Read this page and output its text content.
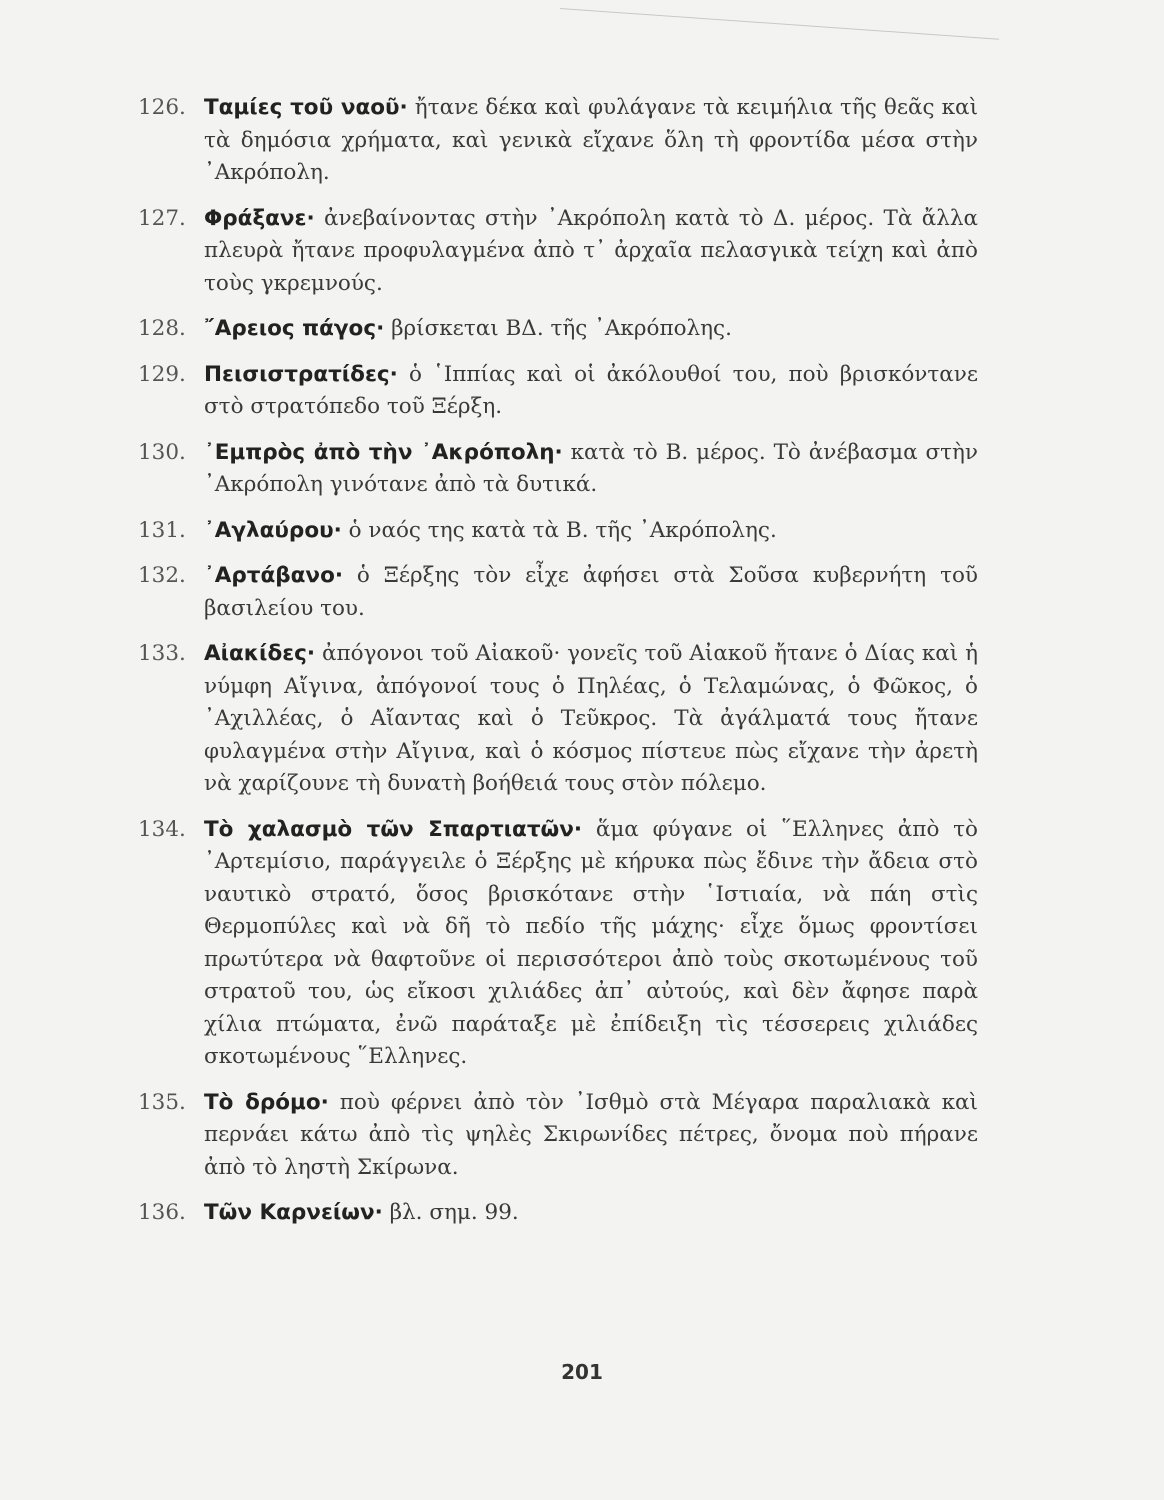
126. Ταμίες τοῦ ναοῦ· ἤτανε δέκα καὶ φυλάγανε τὰ κειμήλια τῆς θεᾶς καὶ τὰ δημόσια χρήματα, καὶ γενικὰ εἴχανε ὅλη τὴ φροντίδα μέσα στὴν ᾿Ακρόπολη.

127. Φράξανε· ἀνεβαίνοντας στὴν ᾿Ακρόπολη κατὰ τὸ Δ. μέρος. Τὰ ἄλλα πλευρὰ ἤτανε προφυλαγμένα ἀπὸ τ᾿ ἀρχαῖα πελασγικὰ τείχη καὶ ἀπὸ τοὺς γκρεμνούς.

128. ῎Αρειος πάγος· βρίσκεται ΒΔ. τῆς ᾿Ακρόπολης.

129. Πεισιστρατίδες· ὁ ῾Ιππίας καὶ οἱ ἀκόλουθοί του, ποὺ βρισκόντανε στὸ στρατόπεδο τοῦ Ξέρξη.

130. ᾿Εμπρὸς ἀπὸ τὴν ᾿Ακρόπολη· κατὰ τὸ Β. μέρος. Τὸ ἀνέβασμα στὴν ᾿Ακρόπολη γινότανε ἀπὸ τὰ δυτικά.

131. ᾿Αγλαύρου· ὁ ναός της κατὰ τὰ Β. τῆς ᾿Ακρόπολης.

132. ᾿Αρτάβανο· ὁ Ξέρξης τὸν εἶχε ἀφήσει στὰ Σοῦσα κυβερνήτη τοῦ βασιλείου του.

133. Αἰακίδες· ἀπόγονοι τοῦ Αἰακοῦ· γονεῖς τοῦ Αἰακοῦ ἤτανε ὁ Δίας καὶ ἡ νύμφη Αἴγινα, ἀπόγονοί τους ὁ Πηλέας, ὁ Τελαμώνας, ὁ Φῶκος, ὁ ᾿Αχιλλέας, ὁ Αἴαντας καὶ ὁ Τεῦκρος. Τὰ ἀγάλματά τους ἤτανε φυλαγμένα στὴν Αἴγινα, καὶ ὁ κόσμος πίστευε πὼς εἴχανε τὴν ἀρετὴ νὰ χαρίζουνε τὴ δυνατὴ βοήθειά τους στὸν πόλεμο.

134. Τὸ χαλασμὸ τῶν Σπαρτιατῶν· ἅμα φύγανε οἱ ῞Ελληνες ἀπὸ τὸ ᾿Αρτεμίσιο, παράγγειλε ὁ Ξέρξης μὲ κήρυκα πὼς ἔδινε τὴν ἄδεια στὸ ναυτικὸ στρατό, ὅσος βρισκότανε στὴν ῾Ιστιαία, νὰ πάη στὶς Θερμοπύλες καὶ νὰ δῆ τὸ πεδίο τῆς μάχης· εἶχε ὅμως φροντίσει πρωτύτερα νὰ θαφτοῦνε οἱ περισσότεροι ἀπὸ τοὺς σκοτωμένους τοῦ στρατοῦ του, ὡς εἴκοσι χιλιάδες ἀπ᾿ αὐτούς, καὶ δὲν ἄφησε παρὰ χίλια πτώματα, ἐνῶ παράταξε μὲ ἐπίδειξη τὶς τέσσερεις χιλιάδες σκοτωμένους ῞Ελληνες.

135. Τὸ δρόμο· ποὺ φέρνει ἀπὸ τὸν ᾿Ισθμὸ στὰ Μέγαρα παραλιακὰ καὶ περνάει κάτω ἀπὸ τὶς ψηλὲς Σκιρωνίδες πέτρες, ὄνομα ποὺ πήρανε ἀπὸ τὸ ληστὴ Σκίρωνα.

136. Τῶν Καρνείων· βλ. σημ. 99.

201
